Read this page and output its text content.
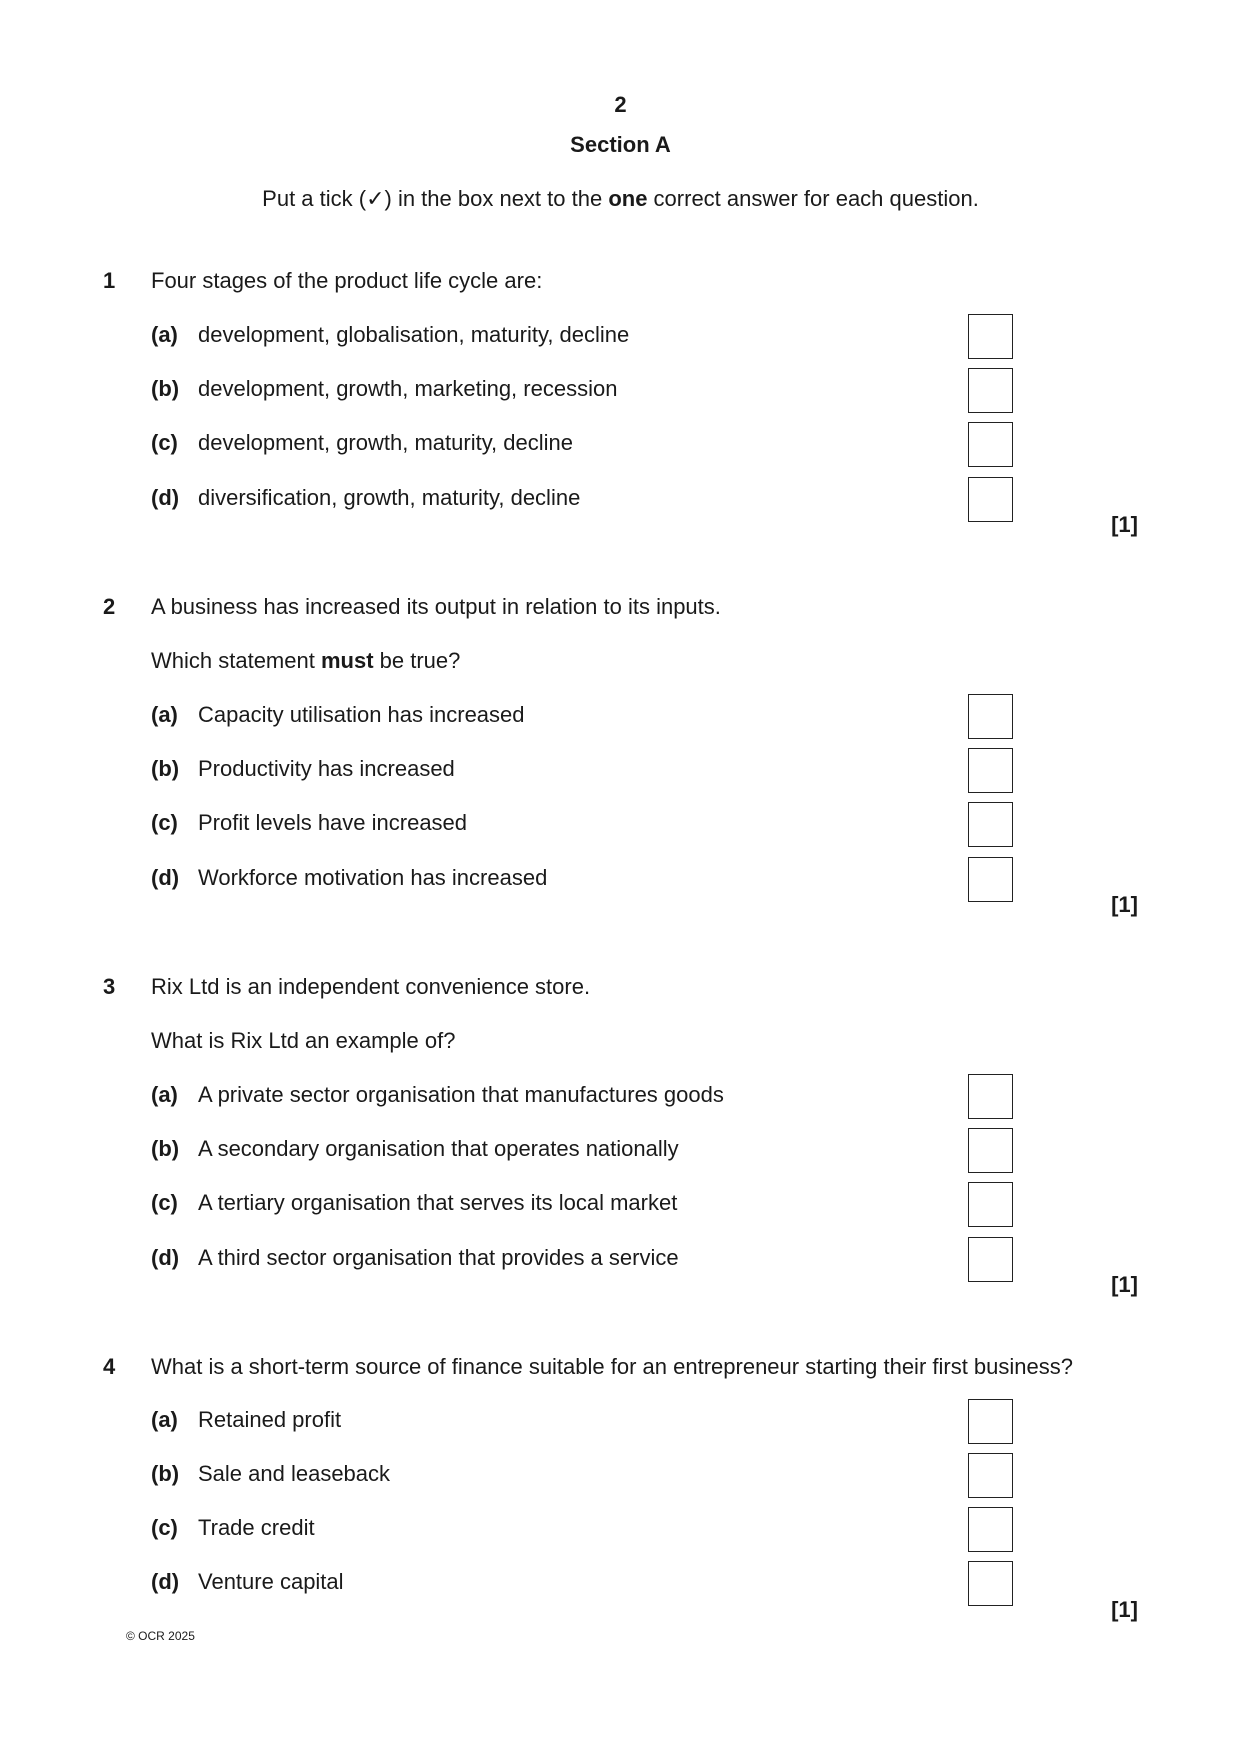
2
Section A
Put a tick (✓) in the box next to the one correct answer for each question.
1 Four stages of the product life cycle are:
(a) development, globalisation, maturity, decline
(b) development, growth, marketing, recession
(c) development, growth, maturity, decline
(d) diversification, growth, maturity, decline
[1]
2 A business has increased its output in relation to its inputs.
Which statement must be true?
(a) Capacity utilisation has increased
(b) Productivity has increased
(c) Profit levels have increased
(d) Workforce motivation has increased
[1]
3 Rix Ltd is an independent convenience store.
What is Rix Ltd an example of?
(a) A private sector organisation that manufactures goods
(b) A secondary organisation that operates nationally
(c) A tertiary organisation that serves its local market
(d) A third sector organisation that provides a service
[1]
4 What is a short-term source of finance suitable for an entrepreneur starting their first business?
(a) Retained profit
(b) Sale and leaseback
(c) Trade credit
(d) Venture capital
[1]
© OCR 2025
